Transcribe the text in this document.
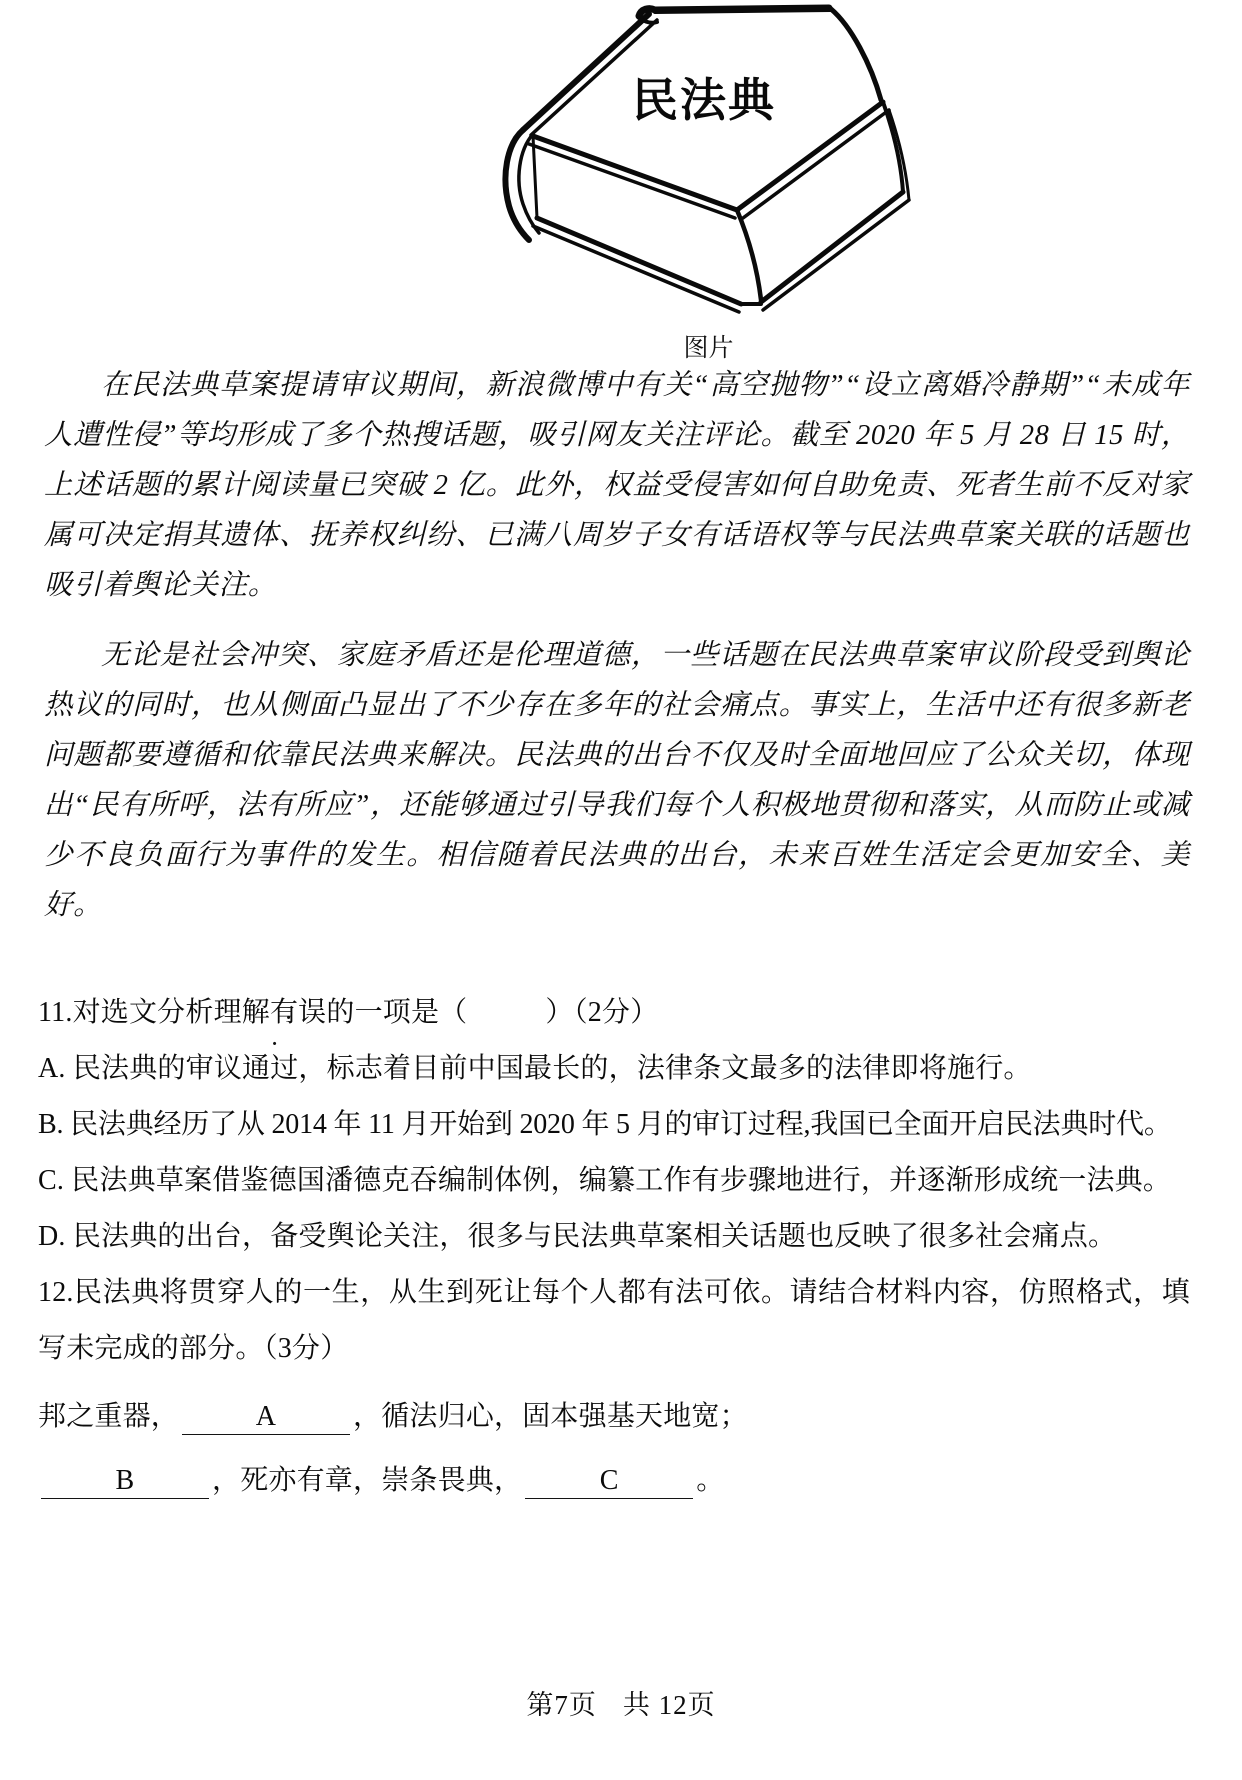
民法典
图片

在民法典草案提请审议期间，新浪微博中有关“高空抛物”“设立离婚冷静期”“未成年人遭性侵”等均形成了多个热搜话题，吸引网友关注评论。截至 2020 年 5 月 28 日 15 时，上述话题的累计阅读量已突破 2 亿。此外，权益受侵害如何自助免责、死者生前不反对家属可决定捐其遗体、抚养权纠纷、已满八周岁子女有话语权等与民法典草案关联的话题也吸引着舆论关注。

无论是社会冲突、家庭矛盾还是伦理道德，一些话题在民法典草案审议阶段受到舆论热议的同时，也从侧面凸显出了不少存在多年的社会痛点。事实上，生活中还有很多新老问题都要遵循和依靠民法典来解决。民法典的出台不仅及时全面地回应了公众关切，体现出“民有所呼，法有所应”，还能够通过引导我们每个人积极地贯彻和落实，从而防止或减少不良负面行为事件的发生。相信随着民法典的出台，未来百姓生活定会更加安全、美好。

11.对选文分析理解有误 · ·的一项是（	）（2分）

A. 民法典的审议通过，标志着目前中国最长的，法律条文最多的法律即将施行。

B. 民法典经历了从 2014 年 11 月开始到 2020 年 5 月的审订过程,我国已全面开启民法典时代。

C. 民法典草案借鉴德国潘德克吞编制体例，编纂工作有步骤地进行，并逐渐形成统一法典。

D. 民法典的出台，备受舆论关注，很多与民法典草案相关话题也反映了很多社会痛点。

12.民法典将贯穿人的一生，从生到死让每个人都有法可依。请结合材料内容，仿照格式，填写未完成的部分。（3分）

邦之重器，	A	，循法归心，固本强基天地宽；

B	，死亦有章，崇条畏典，	C	。

第7页 共 12页
